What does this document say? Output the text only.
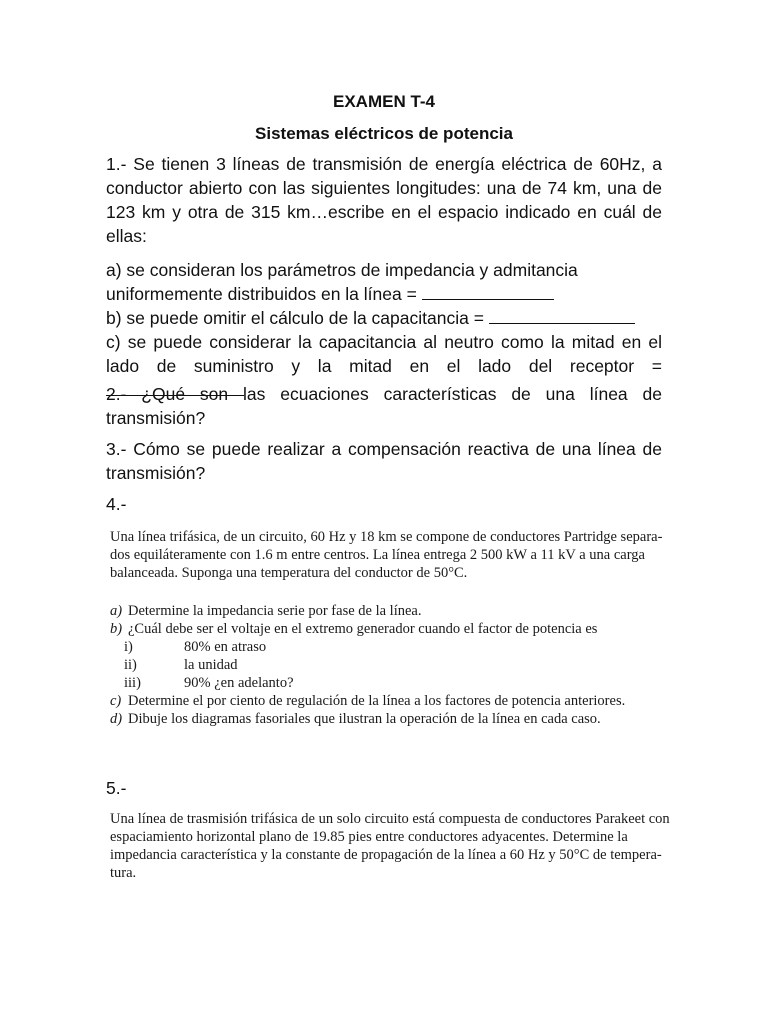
EXAMEN T-4
Sistemas eléctricos de potencia
1.- Se tienen 3 líneas de transmisión de energía eléctrica de 60Hz, a
conductor abierto con las siguientes longitudes: una de 74 km, una de
123 km y otra de 315 km…escribe en el espacio indicado en cuál de
ellas:
a) se consideran los parámetros de impedancia y admitancia
uniformemente distribuidos en la línea =
b) se puede omitir el cálculo de la capacitancia =
c) se puede considerar la capacitancia al neutro como la mitad en el
lado de suministro y la mitad en el lado del receptor =
2.- ¿Qué son las ecuaciones características de una línea de
transmisión?
3.- Cómo se puede realizar a compensación reactiva de una línea de
transmisión?
4.-
Una línea trifásica, de un circuito, 60 Hz y 18 km se compone de conductores Partridge separa-
dos equiláteramente con 1.6 m entre centros. La línea entrega 2 500 kW a 11 kV a una carga
balanceada. Suponga una temperatura del conductor de 50°C.
a) Determine la impedancia serie por fase de la línea.
b) ¿Cuál debe ser el voltaje en el extremo generador cuando el factor de potencia es
i)	80% en atraso
ii)	la unidad
iii)	90% ¿en adelanto?
c) Determine el por ciento de regulación de la línea a los factores de potencia anteriores.
d) Dibuje los diagramas fasoriales que ilustran la operación de la línea en cada caso.
5.-
Una línea de trasmisión trifásica de un solo circuito está compuesta de conductores Parakeet con
espaciamiento horizontal plano de 19.85 pies entre conductores adyacentes. Determine la
impedancia característica y la constante de propagación de la línea a 60 Hz y 50°C de tempera-
tura.
